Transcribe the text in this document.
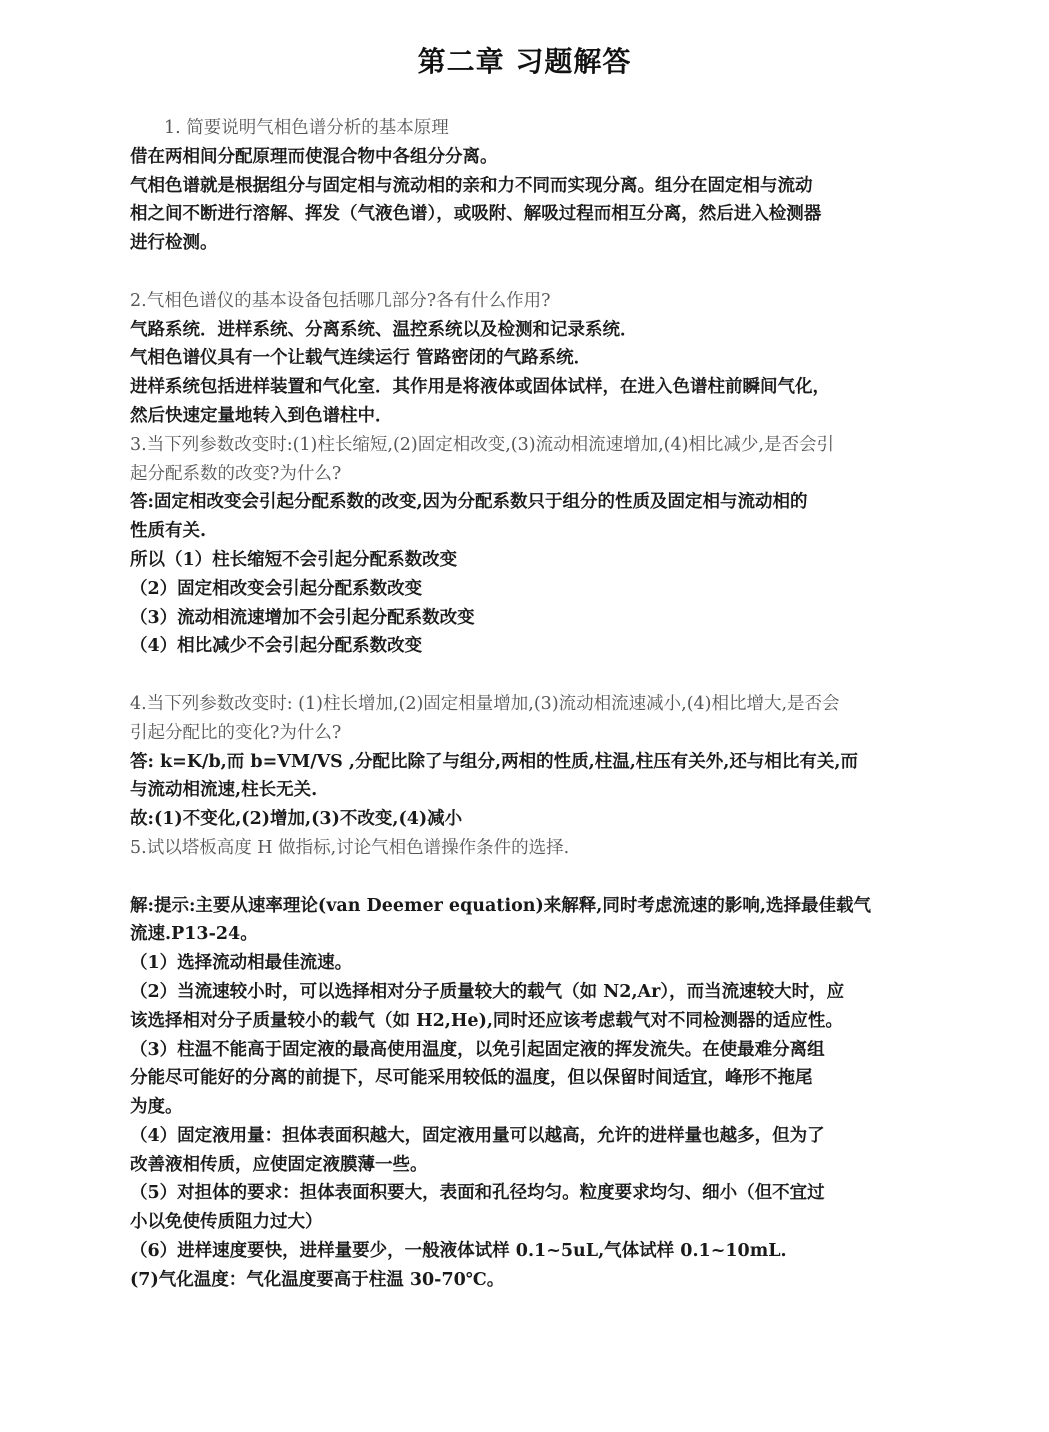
第二章 习题解答
1. 简要说明气相色谱分析的基本原理
借在两相间分配原理而使混合物中各组分分离。
气相色谱就是根据组分与固定相与流动相的亲和力不同而实现分离。组分在固定相与流动
相之间不断进行溶解、挥发（气液色谱），或吸附、解吸过程而相互分离，然后进入检测器
进行检测。
2.气相色谱仪的基本设备包括哪几部分?各有什么作用?
气路系统．进样系统、分离系统、温控系统以及检测和记录系统．
气相色谱仪具有一个让载气连续运行 管路密闭的气路系统．
进样系统包括进样装置和气化室．其作用是将液体或固体试样，在进入色谱柱前瞬间气化，
然后快速定量地转入到色谱柱中．
3.当下列参数改变时:(1)柱长缩短,(2)固定相改变,(3)流动相流速增加,(4)相比减少,是否会引
起分配系数的改变?为什么?
答:固定相改变会引起分配系数的改变,因为分配系数只于组分的性质及固定相与流动相的
性质有关.
所以（1）柱长缩短不会引起分配系数改变
（2）固定相改变会引起分配系数改变
（3）流动相流速增加不会引起分配系数改变
（4）相比减少不会引起分配系数改变
4.当下列参数改变时: (1)柱长增加,(2)固定相量增加,(3)流动相流速减小,(4)相比增大,是否会
引起分配比的变化?为什么?
答: k=K/b,而 b=VM/VS ,分配比除了与组分,两相的性质,柱温,柱压有关外,还与相比有关,而
与流动相流速,柱长无关.
故:(1)不变化,(2)增加,(3)不改变,(4)减小
5.试以塔板高度 H 做指标,讨论气相色谱操作条件的选择.
解:提示:主要从速率理论(van Deemer equation)来解释,同时考虑流速的影响,选择最佳载气
流速.P13-24。
（1）选择流动相最佳流速。
（2）当流速较小时，可以选择相对分子质量较大的载气（如 N2,Ar），而当流速较大时，应
该选择相对分子质量较小的载气（如 H2,He),同时还应该考虑载气对不同检测器的适应性。
（3）柱温不能高于固定液的最高使用温度，以免引起固定液的挥发流失。在使最难分离组
分能尽可能好的分离的前提下，尽可能采用较低的温度，但以保留时间适宜，峰形不拖尾
为度。
（4）固定液用量：担体表面积越大，固定液用量可以越高，允许的进样量也越多，但为了
改善液相传质，应使固定液膜薄一些。
（5）对担体的要求：担体表面积要大，表面和孔径均匀。粒度要求均匀、细小（但不宜过
小以免使传质阻力过大）
（6）进样速度要快，进样量要少，一般液体试样 0.1~5uL,气体试样 0.1~10mL.
(7)气化温度：气化温度要高于柱温 30-70℃。
